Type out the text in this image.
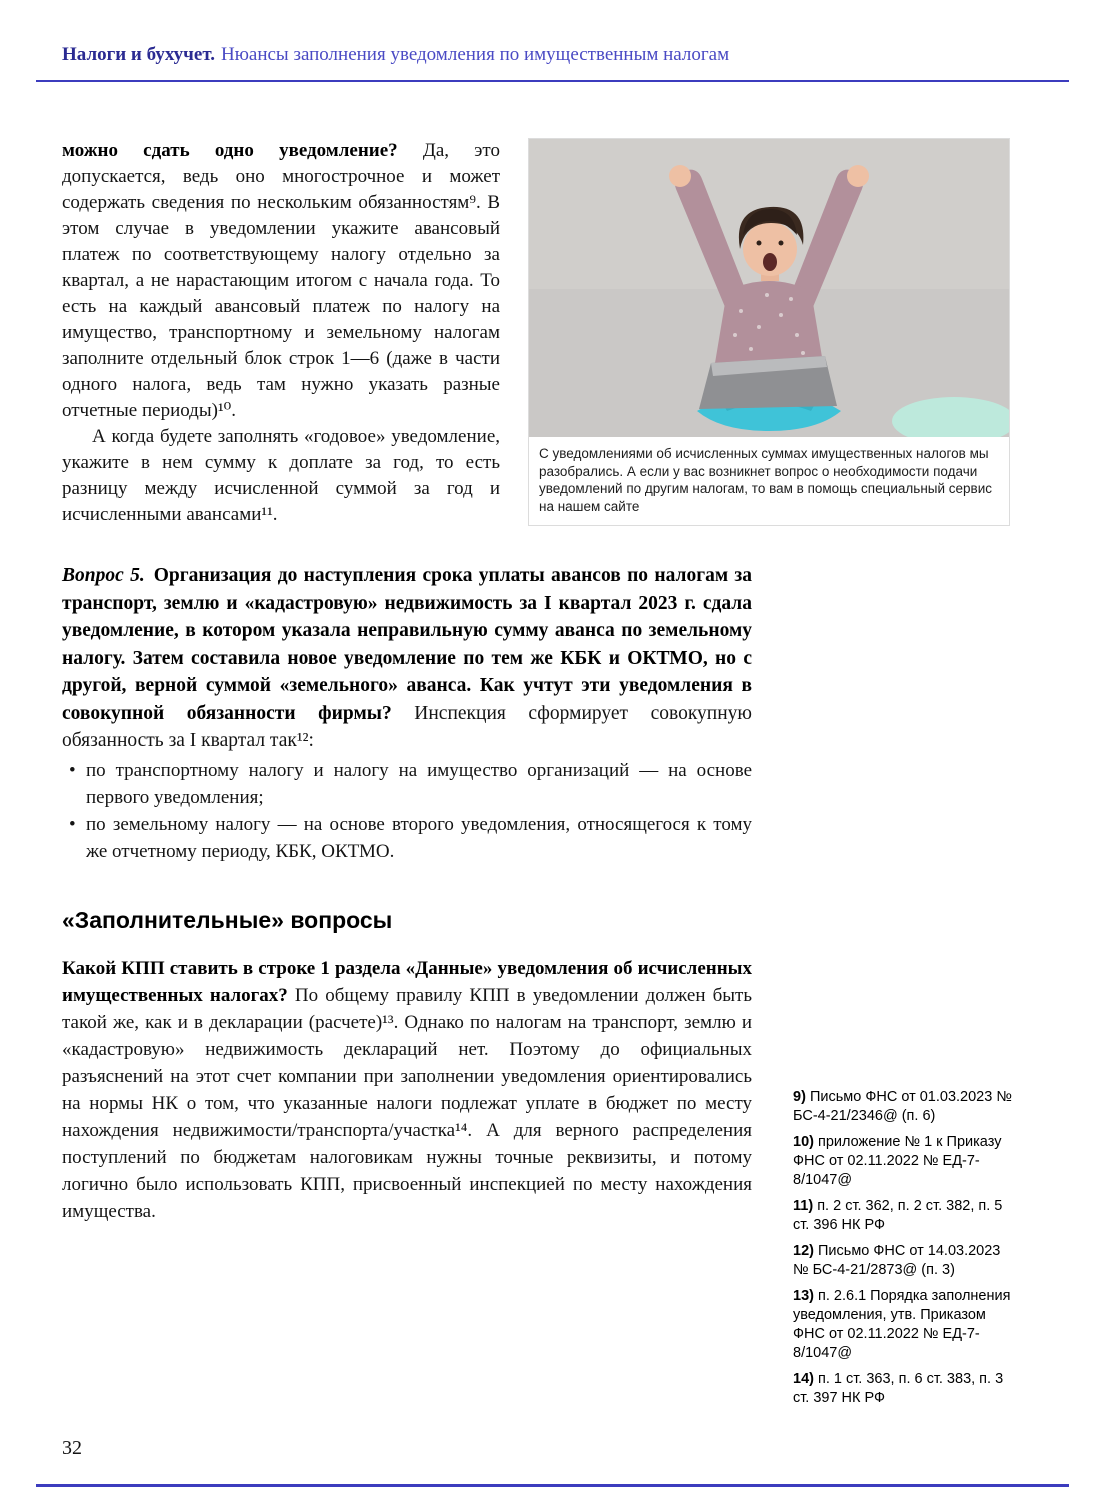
Налоги и бухучет. Нюансы заполнения уведомления по имущественным налогам
С уведомлениями об исчисленных суммах имущественных налогов мы разобрались. А если у вас возникнет вопрос о необходимости подачи уведомлений по другим налогам, то вам в помощь специальный сервис на нашем сайте

можно сдать одно уведомление? Да, это допускается, ведь оно многострочное и может содержать сведения по нескольким обязанностям⁹. В этом случае в уведомлении укажите авансовый платеж по соответствующему налогу отдельно за квартал, а не нарастающим итогом с начала года. То есть на каждый авансовый платеж по налогу на имущество, транспортному и земельному налогам заполните отдельный блок строк 1—6 (даже в части одного налога, ведь там нужно указать разные отчетные периоды)¹⁰.

А когда будете заполнять «годовое» уведомление, укажите в нем сумму к доплате за год, то есть разницу между исчисленной суммой за год и исчисленными авансами¹¹.

Вопрос 5. Организация до наступления срока уплаты авансов по налогам за транспорт, землю и «кадастровую» недвижимость за I квартал 2023 г. сдала уведомление, в котором указала неправильную сумму аванса по земельному налогу. Затем составила новое уведомление по тем же КБК и ОКТМО, но с другой, верной суммой «земельного» аванса. Как учтут эти уведомления в совокупной обязанности фирмы? Инспекция сформирует совокупную обязанность за I квартал так¹²:

• по транспортному налогу и налогу на имущество организаций — на основе первого уведомления;
• по земельному налогу — на основе второго уведомления, относящегося к тому же отчетному периоду, КБК, ОКТМО.
«Заполнительные» вопросы

Какой КПП ставить в строке 1 раздела «Данные» уведомления об исчисленных имущественных налогах? По общему правилу КПП в уведомлении должен быть такой же, как и в декларации (расчете)¹³. Однако по налогам на транспорт, землю и «кадастровую» недвижимость деклараций нет. Поэтому до официальных разъяснений на этот счет компании при заполнении уведомления ориентировались на нормы НК о том, что указанные налоги подлежат уплате в бюджет по месту нахождения недвижимости/транспорта/участка¹⁴. А для верного распределения поступлений по бюджетам налоговикам нужны точные реквизиты, и потому логично было использовать КПП, присвоенный инспекцией по месту нахождения имущества.

9) Письмо ФНС от 01.03.2023 № БС-4-21/2346@ (п. 6)
10) приложение № 1 к Приказу ФНС от 02.11.2022 № ЕД-7-8/1047@
11) п. 2 ст. 362, п. 2 ст. 382, п. 5 ст. 396 НК РФ
12) Письмо ФНС от 14.03.2023 № БС-4-21/2873@ (п. 3)
13) п. 2.6.1 Порядка заполнения уведомления, утв. Приказом ФНС от 02.11.2022 № ЕД-7-8/1047@
14) п. 1 ст. 363, п. 6 ст. 383, п. 3 ст. 397 НК РФ
32
